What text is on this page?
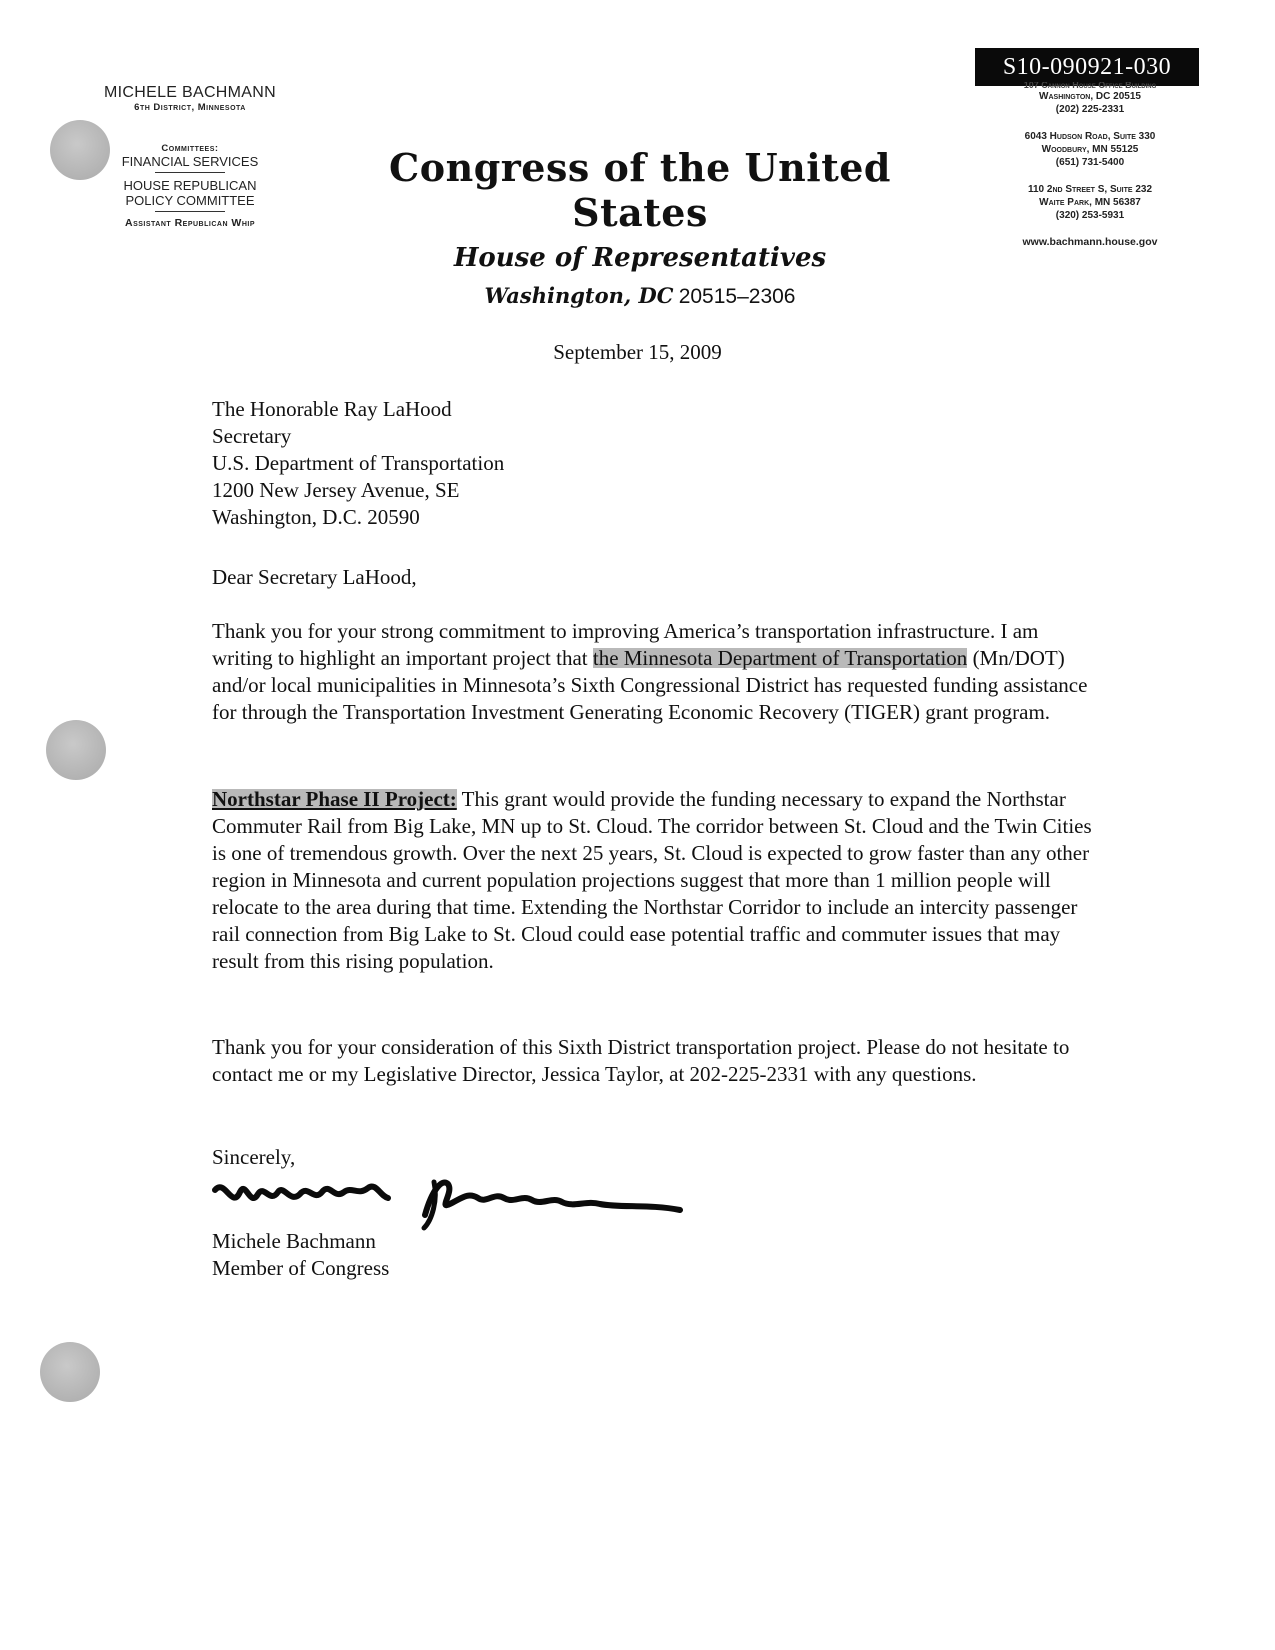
MICHELE BACHMANN
6th District, Minnesota
Committees:
FINANCIAL SERVICES
HOUSE REPUBLICAN
POLICY COMMITTEE
Assistant Republican Whip
Congress of the United States
House of Representatives
Washington, DC 20515–2306
S10-090921-030
107 Cannon House Office Building
Washington, DC 20515
(202) 225-2331
6043 Hudson Road, Suite 330
Woodbury, MN 55125
(651) 731-5400
110 2nd Street S, Suite 232
Waite Park, MN 56387
(320) 253-5931
www.bachmann.house.gov
September 15, 2009
The Honorable Ray LaHood
Secretary
U.S. Department of Transportation
1200 New Jersey Avenue, SE
Washington, D.C. 20590
Dear Secretary LaHood,

Thank you for your strong commitment to improving America’s transportation infrastructure. I am writing to highlight an important project that the Minnesota Department of Transportation (Mn/DOT) and/or local municipalities in Minnesota’s Sixth Congressional District has requested funding assistance for through the Transportation Investment Generating Economic Recovery (TIGER) grant program.

Northstar Phase II Project: This grant would provide the funding necessary to expand the Northstar Commuter Rail from Big Lake, MN up to St. Cloud. The corridor between St. Cloud and the Twin Cities is one of tremendous growth. Over the next 25 years, St. Cloud is expected to grow faster than any other region in Minnesota and current population projections suggest that more than 1 million people will relocate to the area during that time. Extending the Northstar Corridor to include an intercity passenger rail connection from Big Lake to St. Cloud could ease potential traffic and commuter issues that may result from this rising population.

Thank you for your consideration of this Sixth District transportation project. Please do not hesitate to contact me or my Legislative Director, Jessica Taylor, at 202-225-2331 with any questions.

Sincerely,
Michele Bachmann
Member of Congress
